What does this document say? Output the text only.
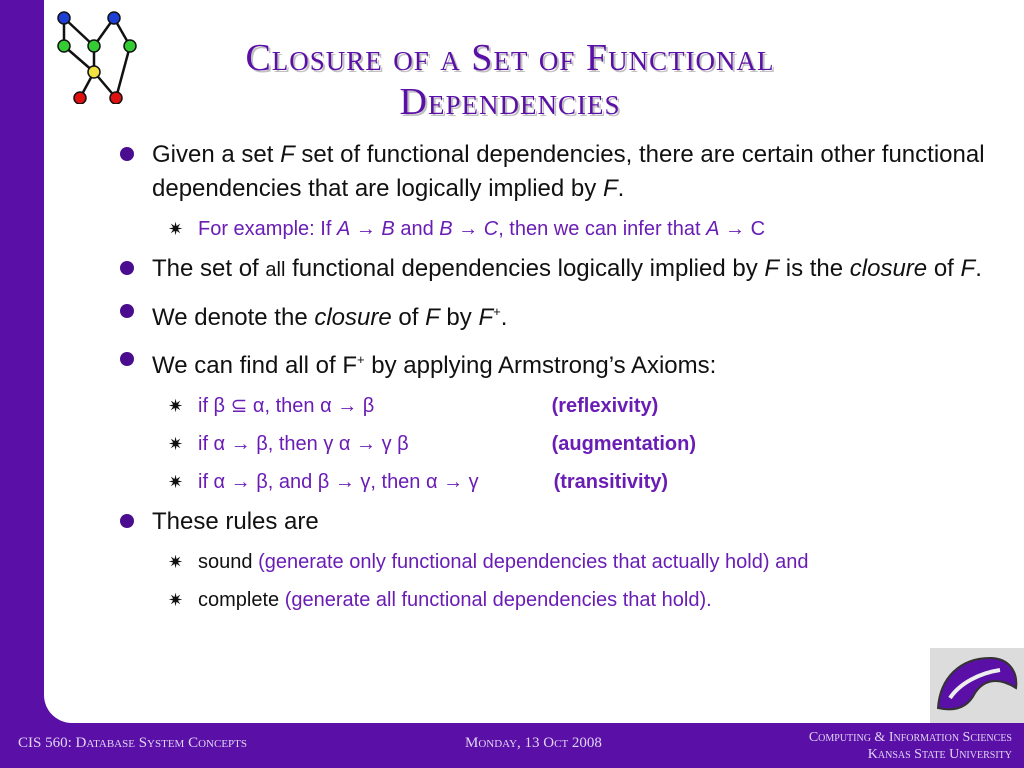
Closure of a Set of Functional
Dependencies
Given a set F set of functional dependencies, there are certain other functional dependencies that are logically implied by F.
✷ For example: If A → B and B → C, then we can infer that A → C
The set of all functional dependencies logically implied by F is the closure of F.
We denote the closure of F by F+.
We can find all of F+ by applying Armstrong’s Axioms:
✷ if β ⊆ α, then α → β	(reflexivity)
✷ if α → β, then γ α → γ β	(augmentation)
✷ if α → β, and β → γ, then α → γ	(transitivity)
These rules are
✷ sound (generate only functional dependencies that actually hold) and
✷ complete (generate all functional dependencies that hold).
CIS 560: Database System Concepts	Monday, 13 Oct 2008	Computing & Information Sciences
Kansas State University
